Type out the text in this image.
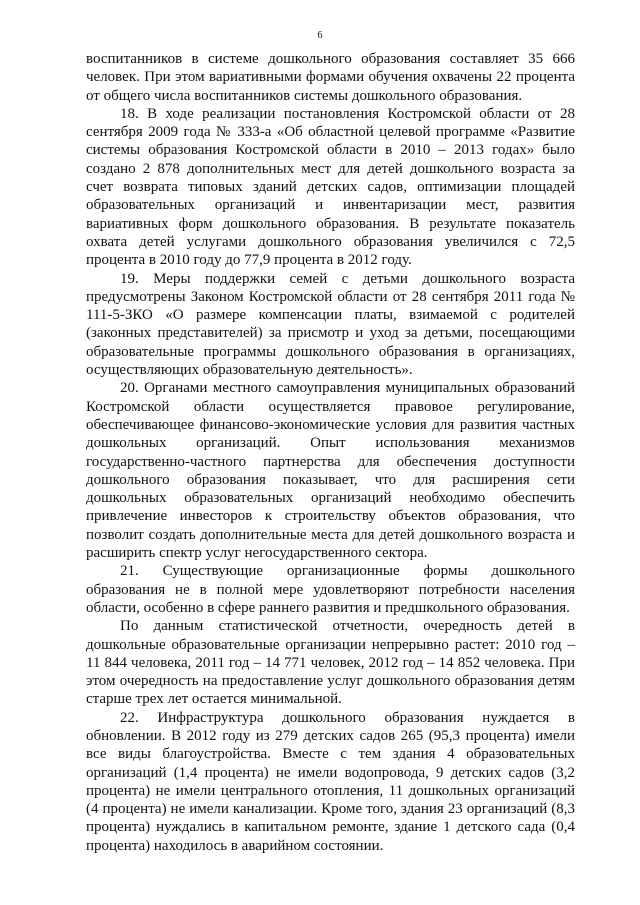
6

воспитанников в системе дошкольного образования составляет 35 666 человек. При этом вариативными формами обучения охвачены 22 процента от общего числа воспитанников системы дошкольного образования.

18. В ходе реализации постановления Костромской области от 28 сентября 2009 года № 333-а «Об областной целевой программе «Развитие системы образования Костромской области в 2010 – 2013 годах» было создано 2 878 дополнительных мест для детей дошкольного возраста за счет возврата типовых зданий детских садов, оптимизации площадей образовательных организаций и инвентаризации мест, развития вариативных форм дошкольного образования. В результате показатель охвата детей услугами дошкольного образования увеличился с 72,5 процента в 2010 году до 77,9 процента в 2012 году.

19. Меры поддержки семей с детьми дошкольного возраста предусмотрены Законом Костромской области от 28 сентября 2011 года № 111-5-ЗКО «О размере компенсации платы, взимаемой с родителей (законных представителей) за присмотр и уход за детьми, посещающими образовательные программы дошкольного образования в организациях, осуществляющих образовательную деятельность».

20. Органами местного самоуправления муниципальных образований Костромской области осуществляется правовое регулирование, обеспечивающее финансово-экономические условия для развития частных дошкольных организаций. Опыт использования механизмов государственно-частного партнерства для обеспечения доступности дошкольного образования показывает, что для расширения сети дошкольных образовательных организаций необходимо обеспечить привлечение инвесторов к строительству объектов образования, что позволит создать дополнительные места для детей дошкольного возраста и расширить спектр услуг негосударственного сектора.

21. Существующие организационные формы дошкольного образования не в полной мере удовлетворяют потребности населения области, особенно в сфере раннего развития и предшкольного образования.

По данным статистической отчетности, очередность детей в дошкольные образовательные организации непрерывно растет: 2010 год – 11 844 человека, 2011 год – 14 771 человек, 2012 год – 14 852 человека. При этом очередность на предоставление услуг дошкольного образования детям старше трех лет остается минимальной.

22. Инфраструктура дошкольного образования нуждается в обновлении. В 2012 году из 279 детских садов 265 (95,3 процента) имели все виды благоустройства. Вместе с тем здания 4 образовательных организаций (1,4 процента) не имели водопровода, 9 детских садов (3,2 процента) не имели центрального отопления, 11 дошкольных организаций (4 процента) не имели канализации. Кроме того, здания 23 организаций (8,3 процента) нуждались в капитальном ремонте, здание 1 детского сада (0,4 процента) находилось в аварийном состоянии.
